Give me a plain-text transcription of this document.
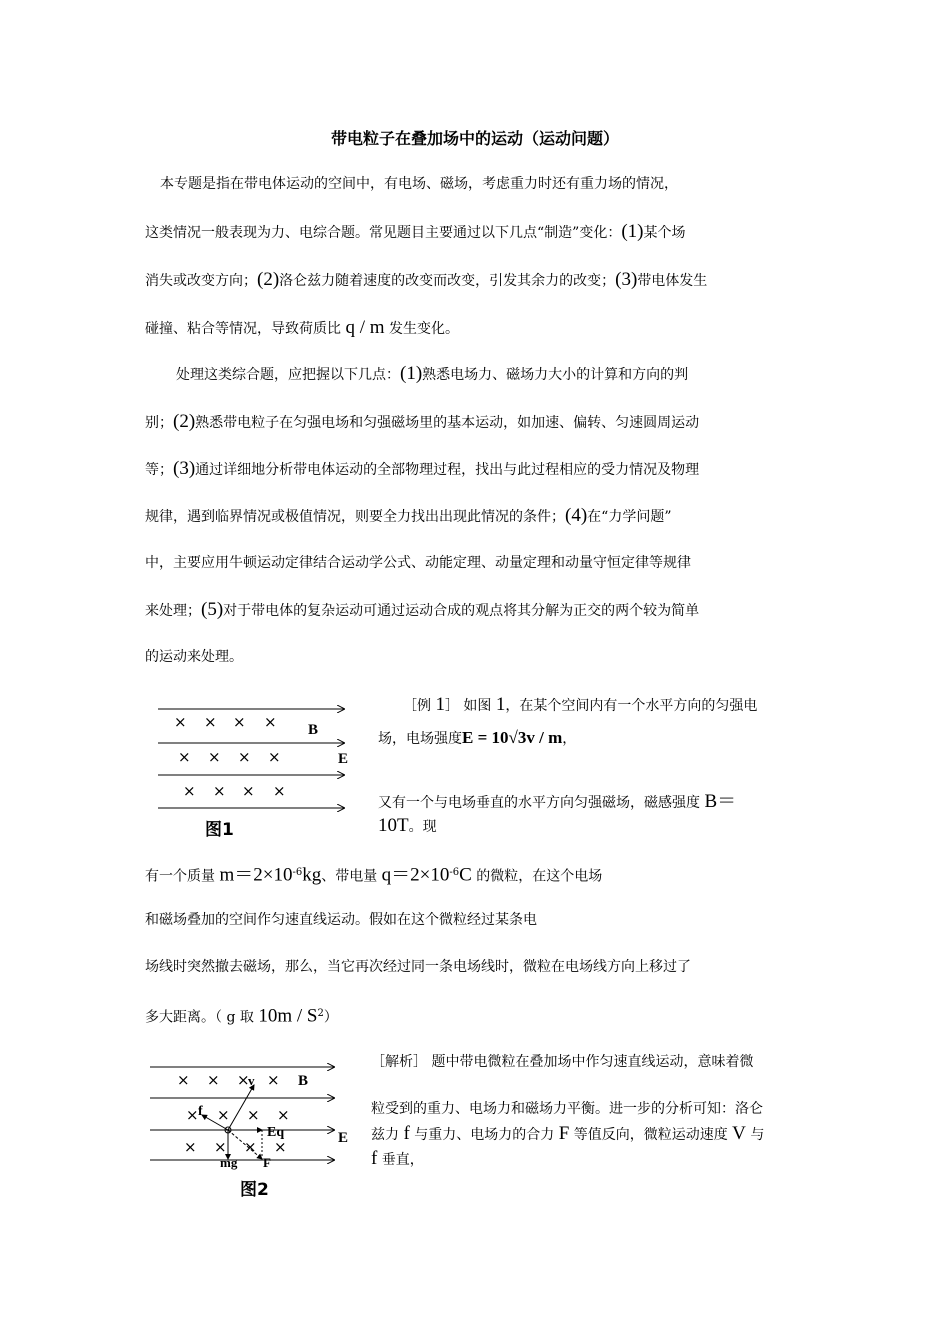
带电粒子在叠加场中的运动（运动问题）
本专题是指在带电体运动的空间中，有电场、磁场，考虑重力时还有重力场的情况，
这类情况一般表现为力、电综合题。常见题目主要通过以下几点“制造”变化：(1)某个场
消失或改变方向；(2)洛仑兹力随着速度的改变而改变，引发其余力的改变；(3)带电体发生
碰撞、粘合等情况，导致荷质比 q / m 发生变化。
处理这类综合题，应把握以下几点：(1)熟悉电场力、磁场力大小的计算和方向的判
别；(2)熟悉带电粒子在匀强电场和匀强磁场里的基本运动，如加速、偏转、匀速圆周运动
等；(3)通过详细地分析带电体运动的全部物理过程，找出与此过程相应的受力情况及物理
规律，遇到临界情况或极值情况，则要全力找出出现此情况的条件；(4)在“力学问题”
中，主要应用牛顿运动定律结合运动学公式、动能定理、动量定理和动量守恒定律等规律
来处理；(5)对于带电体的复杂运动可通过运动合成的观点将其分解为正交的两个较为简单
的运动来处理。
× × × ×
× × × ×
× × × ×
B
E
图1
［例 1］ 如图 1，在某个空间内有一个水平方向的匀强电
场，电场强度E = 10√3v / m，
又有一个与电场垂直的水平方向匀强磁场，磁感强度 B＝
10T。现
有一个质量 $m=2\times 10^{-6}kg$、带电量 $q=2\times 10^{-6}C$ 的微粒，在这个电场
和磁场叠加的空间作匀速直线运动。假如在这个微粒经过某条电
场线时突然撤去磁场，那么，当它再次经过同一条电场线时，微粒在电场线方向上移过了
多大距离。（ g 取 $10m / S^2$）
× × × ×
× × × ×
× × × ×
v
f
Eq
mg F
B
E
图2
［解析］ 题中带电微粒在叠加场中作匀速直线运动，意味着微
粒受到的重力、电场力和磁场力平衡。进一步的分析可知：洛仑
兹力 f 与重力、电场力的合力 F 等值反向，微粒运动速度 V 与
f 垂直，
